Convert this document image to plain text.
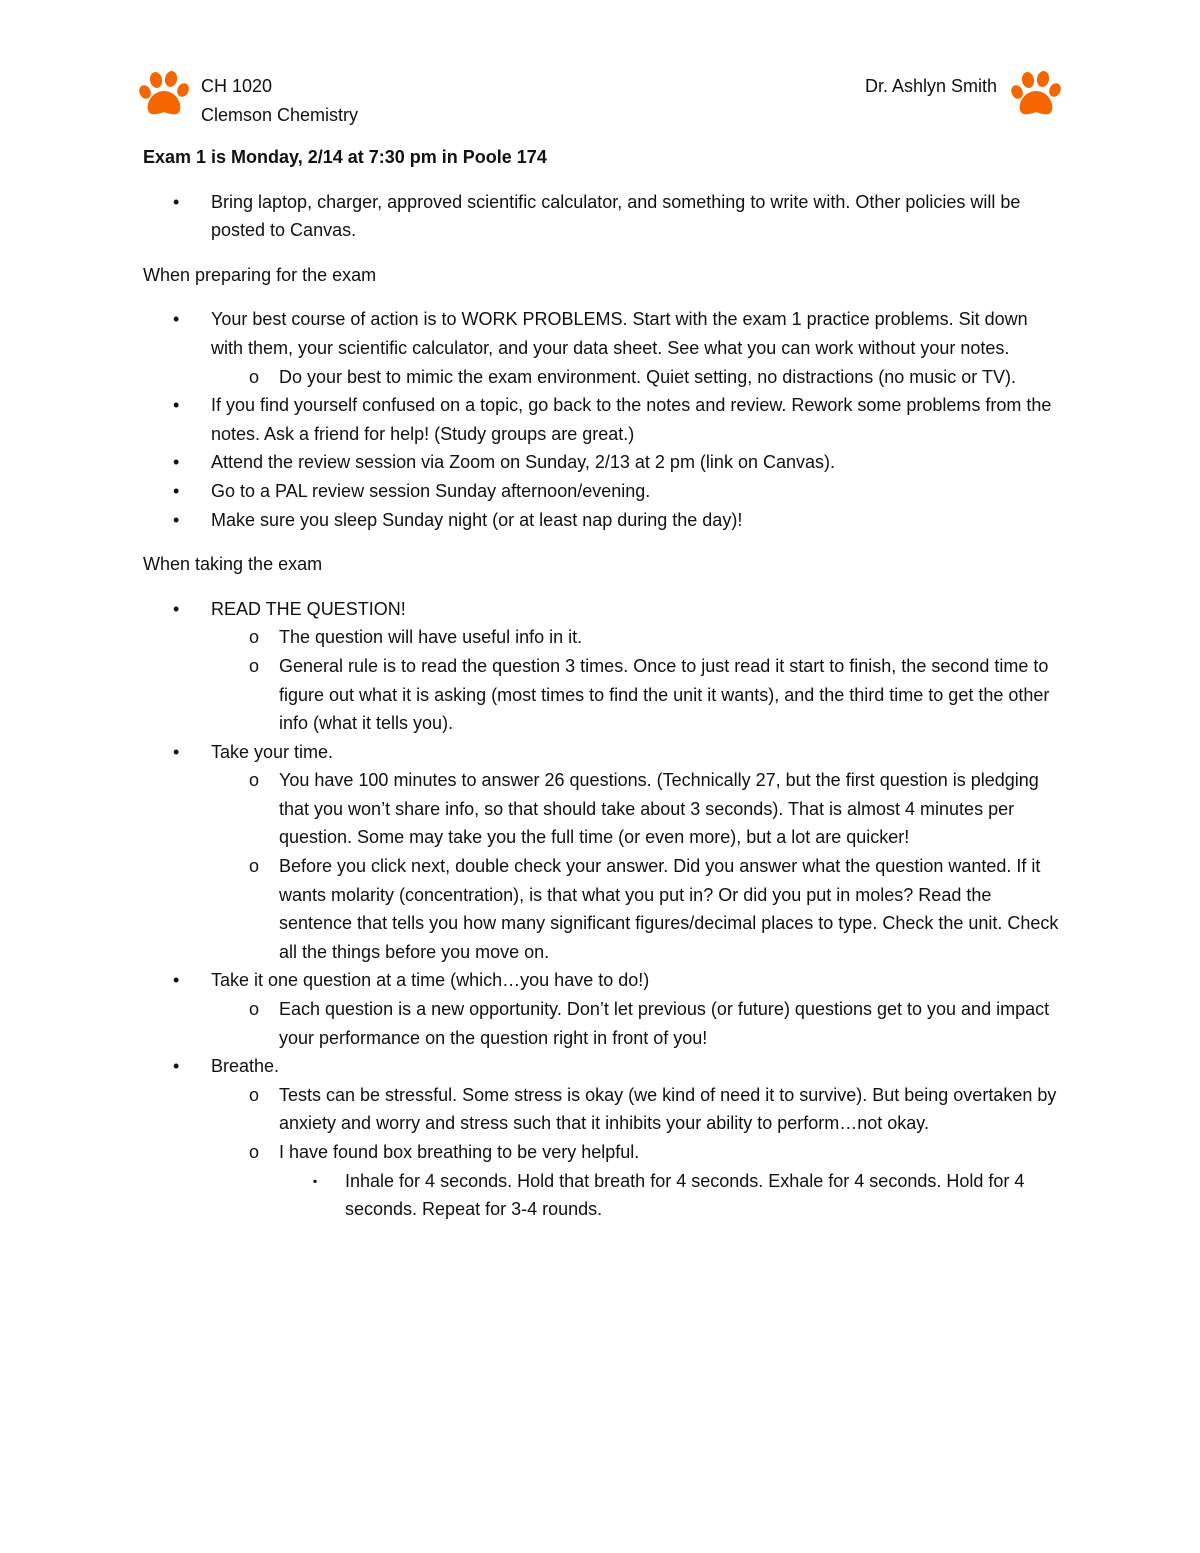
CH 1020
Clemson Chemistry
Dr. Ashlyn Smith

Exam 1 is Monday, 2/14 at 7:30 pm in Poole 174

• Bring laptop, charger, approved scientific calculator, and something to write with. Other policies will be posted to Canvas.

When preparing for the exam

• Your best course of action is to WORK PROBLEMS. Start with the exam 1 practice problems. Sit down with them, your scientific calculator, and your data sheet. See what you can work without your notes.
o Do your best to mimic the exam environment. Quiet setting, no distractions (no music or TV).
• If you find yourself confused on a topic, go back to the notes and review. Rework some problems from the notes. Ask a friend for help! (Study groups are great.)
• Attend the review session via Zoom on Sunday, 2/13 at 2 pm (link on Canvas).
• Go to a PAL review session Sunday afternoon/evening.
• Make sure you sleep Sunday night (or at least nap during the day)!

When taking the exam

• READ THE QUESTION!
o The question will have useful info in it.
o General rule is to read the question 3 times. Once to just read it start to finish, the second time to figure out what it is asking (most times to find the unit it wants), and the third time to get the other info (what it tells you).
• Take your time.
o You have 100 minutes to answer 26 questions. (Technically 27, but the first question is pledging that you won’t share info, so that should take about 3 seconds). That is almost 4 minutes per question. Some may take you the full time (or even more), but a lot are quicker!
o Before you click next, double check your answer. Did you answer what the question wanted. If it wants molarity (concentration), is that what you put in? Or did you put in moles? Read the sentence that tells you how many significant figures/decimal places to type. Check the unit. Check all the things before you move on.
• Take it one question at a time (which…you have to do!)
o Each question is a new opportunity. Don’t let previous (or future) questions get to you and impact your performance on the question right in front of you!
• Breathe.
o Tests can be stressful. Some stress is okay (we kind of need it to survive). But being overtaken by anxiety and worry and stress such that it inhibits your ability to perform…not okay.
o I have found box breathing to be very helpful.
▪ Inhale for 4 seconds. Hold that breath for 4 seconds. Exhale for 4 seconds. Hold for 4 seconds. Repeat for 3-4 rounds.
